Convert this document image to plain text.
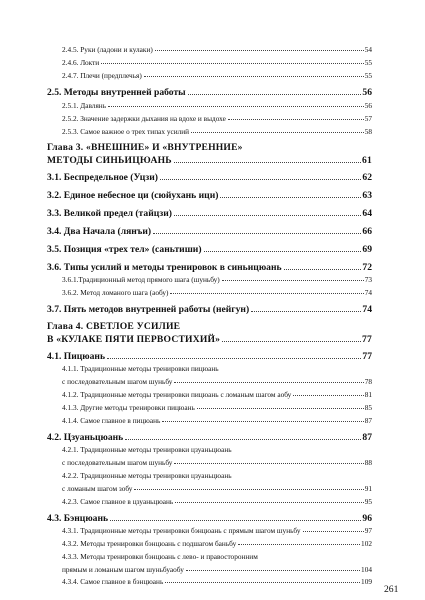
2.4.5. Руки (ладони и кулаки)	54
2.4.6. Локти	55
2.4.7. Плечи (предплечья)	55
2.5. Методы внутренней работы	56
2.5.1. Давлянь	56
2.5.2. Значение задержки дыхания на вдохе и выдохе	57
2.5.3. Самое важное о трех типах усилий	58
Глава 3. «ВНЕШНИЕ» И «ВНУТРЕННИЕ»
МЕТОДЫ СИНЬИЦЮАНЬ	61
3.1. Беспредельное (Уцзи)	62
3.2. Единое небесное ци (сюйухань ици)	63
3.3. Великой предел (тайцзи)	64
3.4. Два Начала (лянъи)	66
3.5. Позиция «трех тел» (саньтиши)	69
3.6. Типы усилий и методы тренировок в синьицюань	72
3.6.1.Традиционный метод прямого шага (шуньбу)	73
3.6.2. Метод ломаного шага (аобу)	74
3.7. Пять методов внутренней работы (нейгун)	74
Глава 4. СВЕТЛОЕ УСИЛИЕ
В «КУЛАКЕ ПЯТИ ПЕРВОСТИХИЙ»	77
4.1. Пицюань	77
4.1.1. Традиционные методы тренировки пицюань
с последовательным шагом шуньбу	78
4.1.2. Традиционные методы тренировки пицюань с ломаным шагом аобу	81
4.1.3. Другие методы тренировки пицюань	85
4.1.4. Самое главное в пицюань	87
4.2. Цзуаньцюань	87
4.2.1. Традиционные методы тренировки цзуаньцюань
с последовательным шагом шуньбу	88
4.2.2. Традиционные методы тренировки цзуаньцюань
с ломаным шагом зобу	91
4.2.3. Самое главное в цзуаньцюань	95
4.3. Бэнцюань	96
4.3.1. Традиционные методы тренировки бэнцюань с прямым шагом шуньбу	97
4.3.2. Методы тренировки бэнцюань с подшагом баньбу	102
4.3.3. Методы тренировки бэнцюань с лево- и правосторонним
прямым и ломаным шагом шуньбуаобу	104
4.3.4. Самое главное в бэнцюань	109
261
